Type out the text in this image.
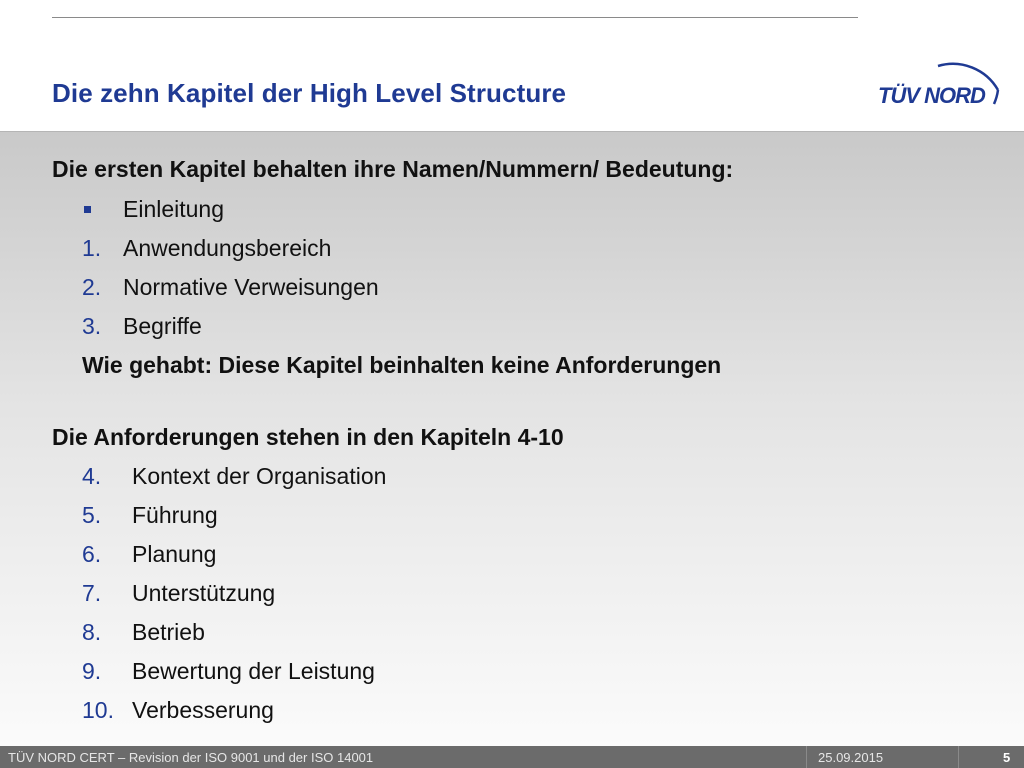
Die zehn Kapitel der High Level Structure	TÜV NORD
Die ersten Kapitel behalten ihre Namen/Nummern/ Bedeutung:
Einleitung
1. Anwendungsbereich
2. Normative Verweisungen
3. Begriffe
Wie gehabt: Diese Kapitel beinhalten keine Anforderungen
Die Anforderungen stehen in den Kapiteln 4-10
4. Kontext der Organisation
5. Führung
6. Planung
7. Unterstützung
8. Betrieb
9. Bewertung der Leistung
10. Verbesserung
TÜV NORD CERT – Revision der ISO 9001 und der ISO 14001	25.09.2015	5
